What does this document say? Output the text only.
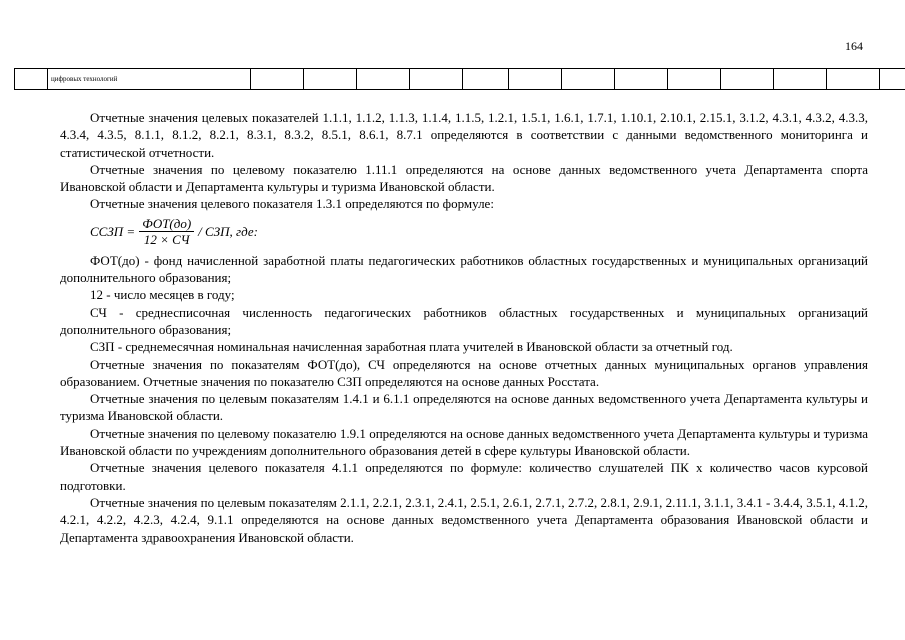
164
	цифровых технологий													

Отчетные значения целевых показателей 1.1.1, 1.1.2, 1.1.3, 1.1.4, 1.1.5, 1.2.1, 1.5.1, 1.6.1, 1.7.1, 1.10.1, 2.10.1, 2.15.1, 3.1.2, 4.3.1, 4.3.2, 4.3.3, 4.3.4, 4.3.5, 8.1.1, 8.1.2, 8.2.1, 8.3.1, 8.3.2, 8.5.1, 8.6.1, 8.7.1 определяются в соответствии с данными ведомственного мониторинга и статистической отчетности.

Отчетные значения по целевому показателю 1.11.1 определяются на основе данных ведомственного учета Департамента спорта Ивановской области и Департамента культуры и туризма Ивановской области.

Отчетные значения целевого показателя 1.3.1 определяются по формуле:

ССЗП = $\frac{\text{ФОТ(до)}}{12 \times СЧ}$ / СЗП, где:

ФОТ(до) - фонд начисленной заработной платы педагогических работников областных государственных и муниципальных организаций дополнительного образования;

12 - число месяцев в году;

СЧ - среднесписочная численность педагогических работников областных государственных и муниципальных организаций дополнительного образования;

СЗП - среднемесячная номинальная начисленная заработная плата учителей в Ивановской области за отчетный год.

Отчетные значения по показателям ФОТ(до), СЧ определяются на основе отчетных данных муниципальных органов управления образованием. Отчетные значения по показателю СЗП определяются на основе данных Росстата.

Отчетные значения по целевым показателям 1.4.1 и 6.1.1 определяются на основе данных ведомственного учета Департамента культуры и туризма Ивановской области.

Отчетные значения по целевому показателю 1.9.1 определяются на основе данных ведомственного учета Департамента культуры и туризма Ивановской области по учреждениям дополнительного образования детей в сфере культуры Ивановской области.

Отчетные значения целевого показателя 4.1.1 определяются по формуле: количество слушателей ПК х количество часов курсовой подготовки.

Отчетные значения по целевым показателям 2.1.1, 2.2.1, 2.3.1, 2.4.1, 2.5.1, 2.6.1, 2.7.1, 2.7.2, 2.8.1, 2.9.1, 2.11.1, 3.1.1, 3.4.1 - 3.4.4, 3.5.1, 4.1.2, 4.2.1, 4.2.2, 4.2.3, 4.2.4, 9.1.1 определяются на основе данных ведомственного учета Департамента образования Ивановской области и Департамента здравоохранения Ивановской области.
